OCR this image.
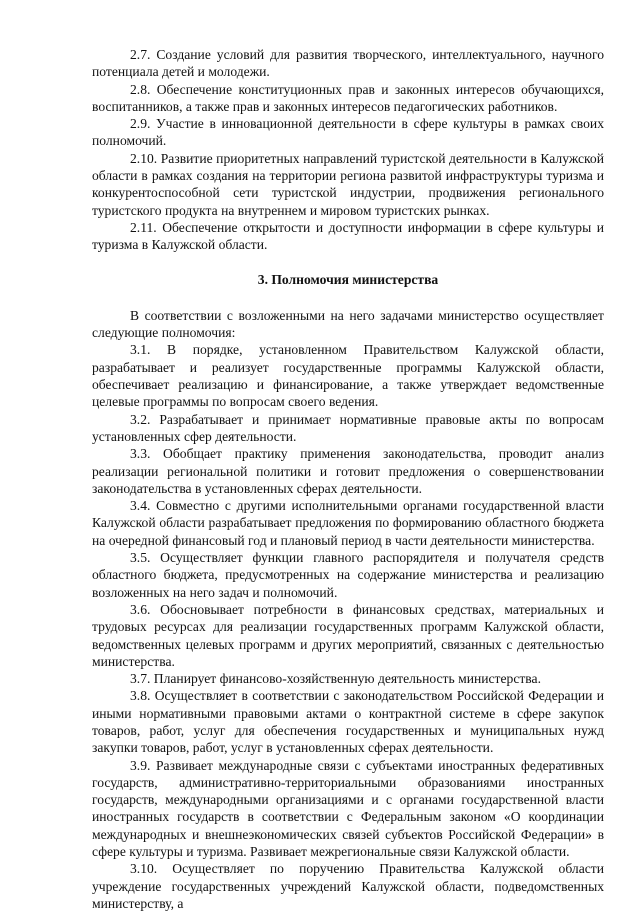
2.7. Создание условий для развития творческого, интеллектуального, научного потенциала детей и молодежи.

2.8. Обеспечение конституционных прав и законных интересов обучающихся, воспитанников, а также прав и законных интересов педагогических работников.

2.9. Участие в инновационной деятельности в сфере культуры в рамках своих полномочий.

2.10. Развитие приоритетных направлений туристской деятельности в Калужской области в рамках создания на территории региона развитой инфраструктуры туризма и конкурентоспособной сети туристской индустрии, продвижения регионального туристского продукта на внутреннем и мировом туристских рынках.

2.11. Обеспечение открытости и доступности информации в сфере культуры и туризма в Калужской области.

3. Полномочия министерства

В соответствии с возложенными на него задачами министерство осуществляет следующие полномочия:

3.1. В порядке, установленном Правительством Калужской области, разрабатывает и реализует государственные программы Калужской области, обеспечивает реализацию и финансирование, а также утверждает ведомственные целевые программы по вопросам своего ведения.

3.2. Разрабатывает и принимает нормативные правовые акты по вопросам установленных сфер деятельности.

3.3. Обобщает практику применения законодательства, проводит анализ реализации региональной политики и готовит предложения о совершенствовании законодательства в установленных сферах деятельности.

3.4. Совместно с другими исполнительными органами государственной власти Калужской области разрабатывает предложения по формированию областного бюджета на очередной финансовый год и плановый период в части деятельности министерства.

3.5. Осуществляет функции главного распорядителя и получателя средств областного бюджета, предусмотренных на содержание министерства и реализацию возложенных на него задач и полномочий.

3.6. Обосновывает потребности в финансовых средствах, материальных и трудовых ресурсах для реализации государственных программ Калужской области, ведомственных целевых программ и других мероприятий, связанных с деятельностью министерства.

3.7. Планирует финансово-хозяйственную деятельность министерства.

3.8. Осуществляет в соответствии с законодательством Российской Федерации и иными нормативными правовыми актами о контрактной системе в сфере закупок товаров, работ, услуг для обеспечения государственных и муниципальных нужд закупки товаров, работ, услуг в установленных сферах деятельности.

3.9. Развивает международные связи с субъектами иностранных федеративных государств, административно-территориальными образованиями иностранных государств, международными организациями и с органами государственной власти иностранных государств в соответствии с Федеральным законом «О координации международных и внешнеэкономических связей субъектов Российской Федерации» в сфере культуры и туризма. Развивает межрегиональные связи Калужской области.

3.10. Осуществляет по поручению Правительства Калужской области учреждение государственных учреждений Калужской области, подведомственных министерству, а
